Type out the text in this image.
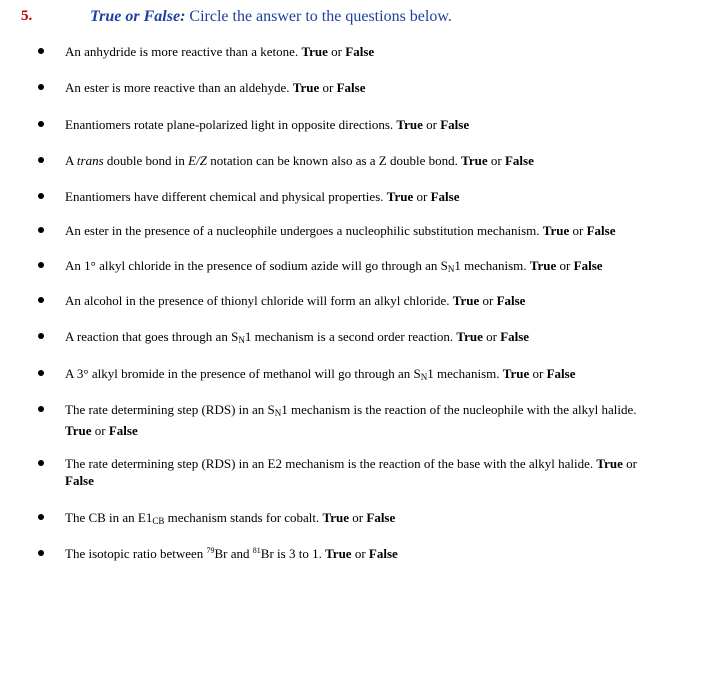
5.	True or False: Circle the answer to the questions below.
An anhydride is more reactive than a ketone. True or False
An ester is more reactive than an aldehyde. True or False
Enantiomers rotate plane-polarized light in opposite directions. True or False
A trans double bond in E/Z notation can be known also as a Z double bond. True or False
Enantiomers have different chemical and physical properties. True or False
An ester in the presence of a nucleophile undergoes a nucleophilic substitution mechanism. True or False
An 1° alkyl chloride in the presence of sodium azide will go through an $S_N1$ mechanism. True or False
An alcohol in the presence of thionyl chloride will form an alkyl chloride. True or False
A reaction that goes through an $S_N1$ mechanism is a second order reaction. True or False
A 3° alkyl bromide in the presence of methanol will go through an $S_N1$ mechanism. True or False
The rate determining step (RDS) in an $S_N1$ mechanism is the reaction of the nucleophile with the alkyl halide. True or False
The rate determining step (RDS) in an E2 mechanism is the reaction of the base with the alkyl halide. True or False
The CB in an $E1_{CB}$ mechanism stands for cobalt. True or False
The isotopic ratio between $^{79}$Br and $^{81}$Br is 3 to 1. True or False
